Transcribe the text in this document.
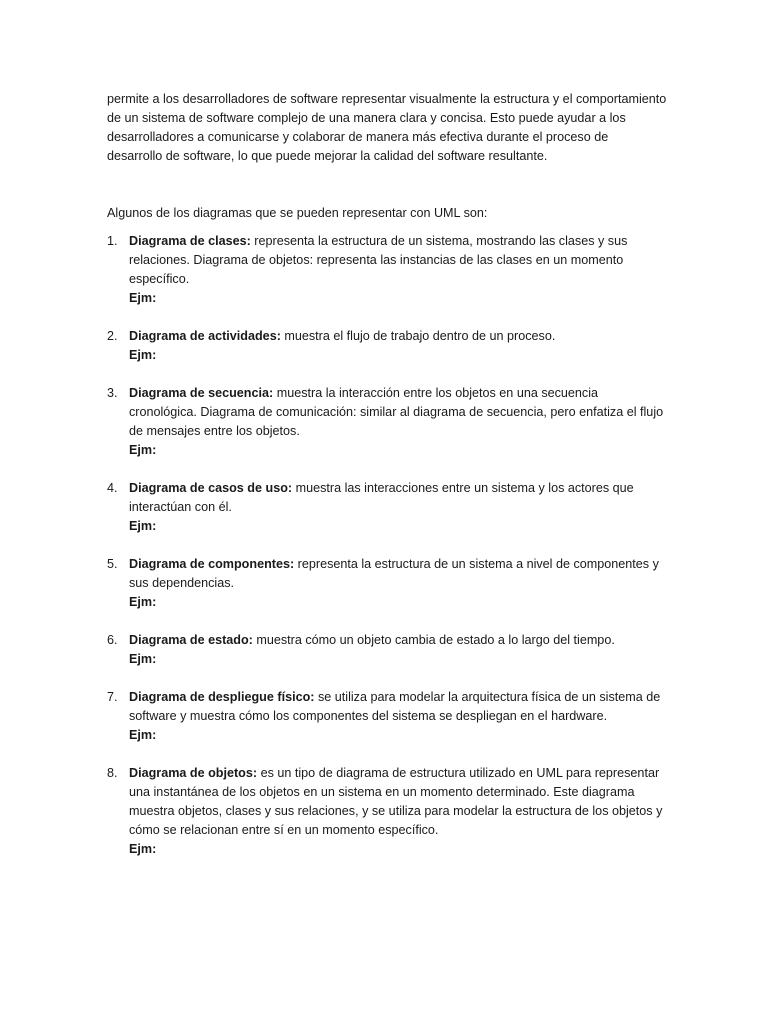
permite a los desarrolladores de software representar visualmente la estructura y el comportamiento de un sistema de software complejo de una manera clara y concisa. Esto puede ayudar a los desarrolladores a comunicarse y colaborar de manera más efectiva durante el proceso de desarrollo de software, lo que puede mejorar la calidad del software resultante.

Algunos de los diagramas que se pueden representar con UML son:

1. Diagrama de clases: representa la estructura de un sistema, mostrando las clases y sus relaciones. Diagrama de objetos: representa las instancias de las clases en un momento específico.
Ejm:
2. Diagrama de actividades: muestra el flujo de trabajo dentro de un proceso.
Ejm:
3. Diagrama de secuencia: muestra la interacción entre los objetos en una secuencia cronológica. Diagrama de comunicación: similar al diagrama de secuencia, pero enfatiza el flujo de mensajes entre los objetos.
Ejm:
4. Diagrama de casos de uso: muestra las interacciones entre un sistema y los actores que interactúan con él.
Ejm:
5. Diagrama de componentes: representa la estructura de un sistema a nivel de componentes y sus dependencias.
Ejm:
6. Diagrama de estado: muestra cómo un objeto cambia de estado a lo largo del tiempo.
Ejm:
7. Diagrama de despliegue físico: se utiliza para modelar la arquitectura física de un sistema de software y muestra cómo los componentes del sistema se despliegan en el hardware.
Ejm:
8. Diagrama de objetos: es un tipo de diagrama de estructura utilizado en UML para representar una instantánea de los objetos en un sistema en un momento determinado. Este diagrama muestra objetos, clases y sus relaciones, y se utiliza para modelar la estructura de los objetos y cómo se relacionan entre sí en un momento específico.
Ejm:
